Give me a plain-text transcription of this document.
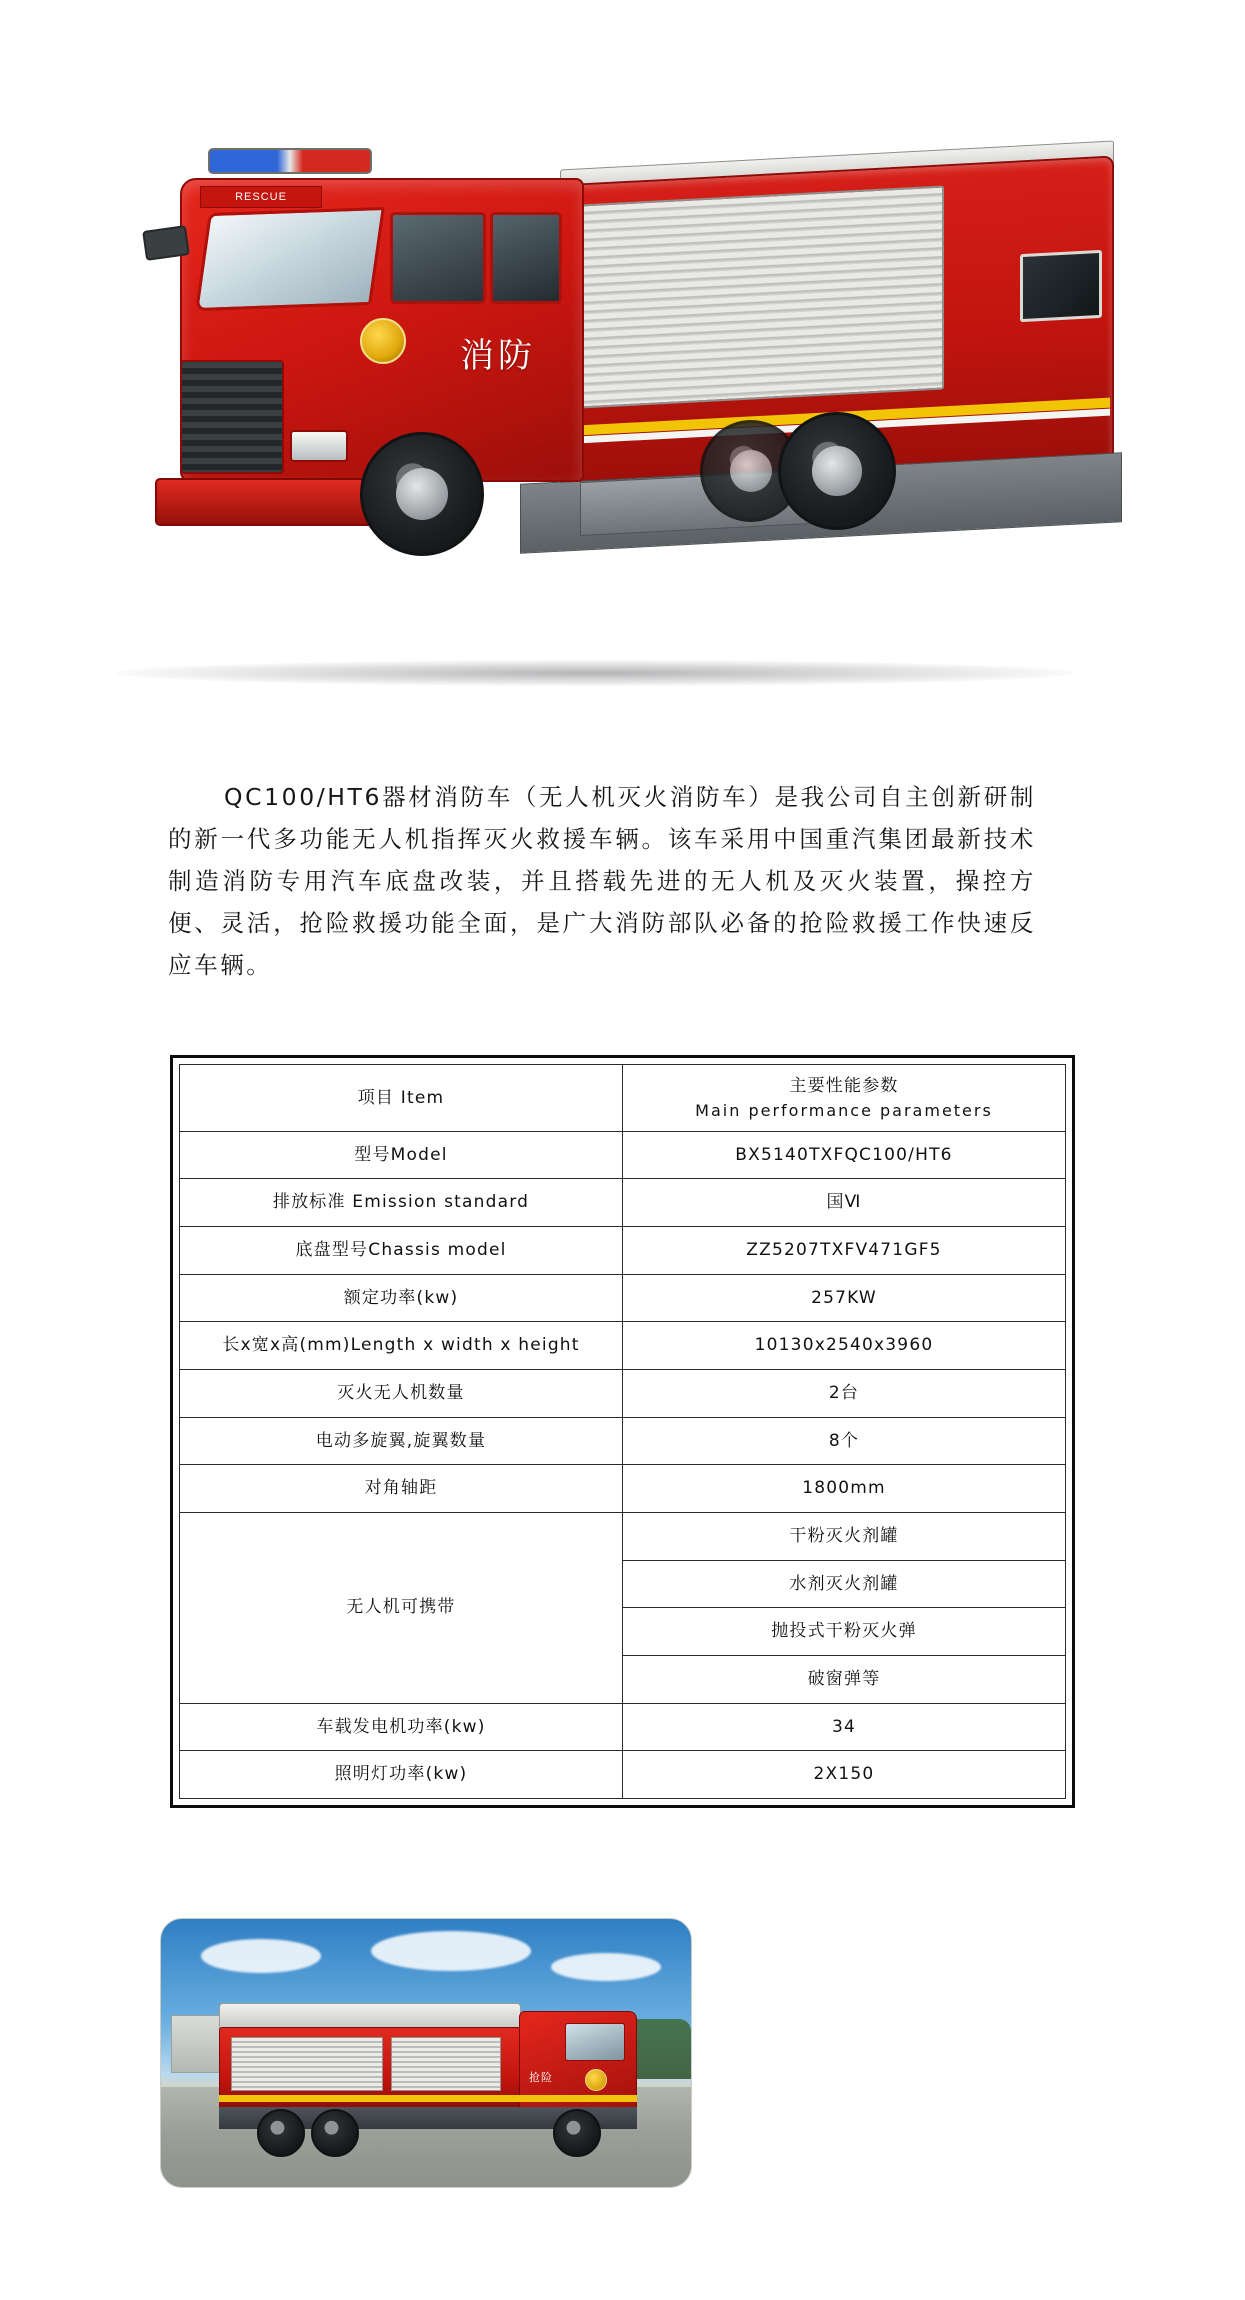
RESCUE
消防

QC100/HT6器材消防车（无人机灭火消防车）是我公司自主创新研制的新一代多功能无人机指挥灭火救援车辆。该车采用中国重汽集团最新技术制造消防专用汽车底盘改装，并且搭载先进的无人机及灭火装置，操控方便、灵活，抢险救援功能全面，是广大消防部队必备的抢险救援工作快速反应车辆。

项目 Item	主要性能参数
Main performance parameters

型号Model	BX5140TXFQC100/HT6
排放标准 Emission standard	国Ⅵ
底盘型号Chassis model	ZZ5207TXFV471GF5
额定功率(kw)	257KW
长x宽x高(mm)Length x width x height	10130x2540x3960
灭火无人机数量	2台
电动多旋翼,旋翼数量	8个
对角轴距	1800mm
无人机可携带	干粉灭火剂罐
	水剂灭火剂罐
	抛投式干粉灭火弹
	破窗弹等
车载发电机功率(kw)	34
照明灯功率(kw)	2X150
抢险
